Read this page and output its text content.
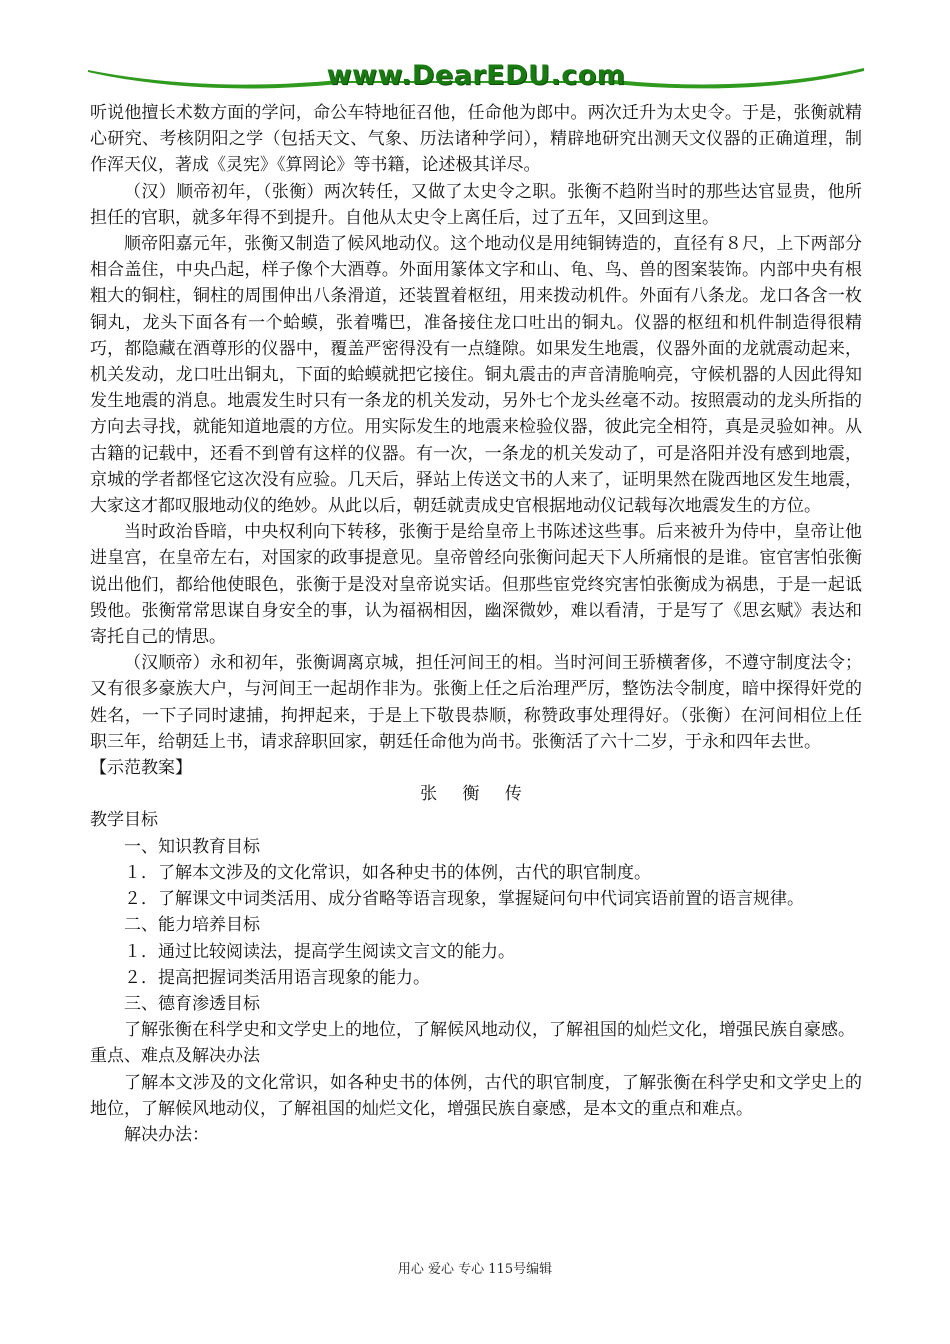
www.DearEDU.com

听说他擅长术数方面的学问，命公车特地征召他，任命他为郎中。两次迁升为太史令。于是，张衡就精心研究、考核阴阳之学（包括天文、气象、历法诸种学问），精辟地研究出测天文仪器的正确道理，制作浑天仪，著成《灵宪》《算罔论》等书籍，论述极其详尽。

（汉）顺帝初年，（张衡）两次转任，又做了太史令之职。张衡不趋附当时的那些达官显贵，他所担任的官职，就多年得不到提升。自他从太史令上离任后，过了五年，又回到这里。

顺帝阳嘉元年，张衡又制造了候风地动仪。这个地动仪是用纯铜铸造的，直径有８尺，上下两部分相合盖住，中央凸起，样子像个大酒尊。外面用篆体文字和山、龟、鸟、兽的图案装饰。内部中央有根粗大的铜柱，铜柱的周围伸出八条滑道，还装置着枢纽，用来拨动机件。外面有八条龙。龙口各含一枚铜丸，龙头下面各有一个蛤蟆，张着嘴巴，准备接住龙口吐出的铜丸。仪器的枢纽和机件制造得很精巧，都隐藏在酒尊形的仪器中，覆盖严密得没有一点缝隙。如果发生地震，仪器外面的龙就震动起来，机关发动，龙口吐出铜丸，下面的蛤蟆就把它接住。铜丸震击的声音清脆响亮，守候机器的人因此得知发生地震的消息。地震发生时只有一条龙的机关发动，另外七个龙头丝毫不动。按照震动的龙头所指的方向去寻找，就能知道地震的方位。用实际发生的地震来检验仪器，彼此完全相符，真是灵验如神。从古籍的记载中，还看不到曾有这样的仪器。有一次，一条龙的机关发动了，可是洛阳并没有感到地震，京城的学者都怪它这次没有应验。几天后，驿站上传送文书的人来了，证明果然在陇西地区发生地震，大家这才都叹服地动仪的绝妙。从此以后，朝廷就责成史官根据地动仪记载每次地震发生的方位。

当时政治昏暗，中央权利向下转移，张衡于是给皇帝上书陈述这些事。后来被升为侍中，皇帝让他进皇宫，在皇帝左右，对国家的政事提意见。皇帝曾经向张衡问起天下人所痛恨的是谁。宦官害怕张衡说出他们，都给他使眼色，张衡于是没对皇帝说实话。但那些宦党终究害怕张衡成为祸患，于是一起诋毁他。张衡常常思谋自身安全的事，认为福祸相因，幽深微妙，难以看清，于是写了《思玄赋》表达和寄托自己的情思。

（汉顺帝）永和初年，张衡调离京城，担任河间王的相。当时河间王骄横奢侈，不遵守制度法令；又有很多豪族大户，与河间王一起胡作非为。张衡上任之后治理严厉，整饬法令制度，暗中探得奸党的姓名，一下子同时逮捕，拘押起来，于是上下敬畏恭顺，称赞政事处理得好。（张衡）在河间相位上任职三年，给朝廷上书，请求辞职回家，朝廷任命他为尚书。张衡活了六十二岁，于永和四年去世。

【示范教案】

张 衡 传

教学目标

一、知识教育目标

１．了解本文涉及的文化常识，如各种史书的体例，古代的职官制度。

２．了解课文中词类活用、成分省略等语言现象，掌握疑问句中代词宾语前置的语言规律。

二、能力培养目标

１．通过比较阅读法，提高学生阅读文言文的能力。

２．提高把握词类活用语言现象的能力。

三、德育渗透目标

了解张衡在科学史和文学史上的地位，了解候风地动仪，了解祖国的灿烂文化，增强民族自豪感。

重点、难点及解决办法

了解本文涉及的文化常识，如各种史书的体例，古代的职官制度，了解张衡在科学史和文学史上的地位，了解候风地动仪，了解祖国的灿烂文化，增强民族自豪感，是本文的重点和难点。

解决办法：

用心 爱心 专心 115号编辑
